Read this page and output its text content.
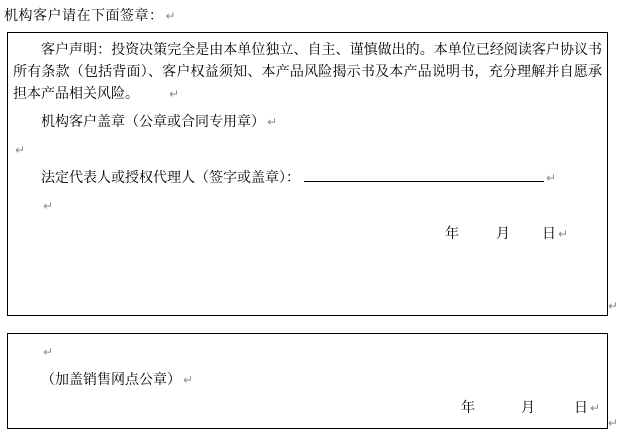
机构客户请在下面签章： ↵

客户声明：投资决策完全是由本单位独立、自主、谨慎做出的。本单位已经阅读客户协议书所有条款（包括背面）、客户权益须知、本产品风险揭示书及本产品说明书，充分理解并自愿承担本产品相关风险。	↵

机构客户盖章（公章或合同专用章） ↵

↵

法定代表人或授权代理人（签字或盖章）：	↵

↵

年	月 日 ↵

↵

↵

（加盖销售网点公章） ↵

年	月	日 ↵

↵
